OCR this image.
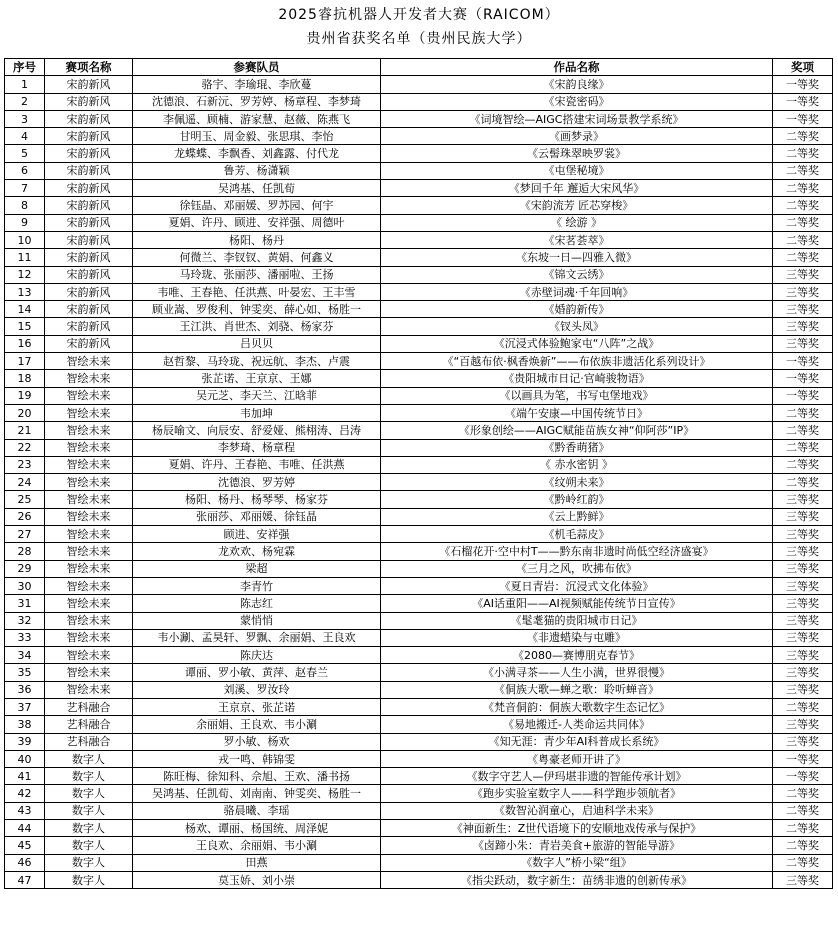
2025睿抗机器人开发者大赛（RAICOM）
贵州省获奖名单（贵州民族大学）
序号	赛项名称	参赛队员	作品名称	奖项
1	宋韵新风	骆宇、李瑜琨、李欣蔓	《宋韵良缘》	一等奖
2	宋韵新风	沈德浪、石新沅、罗芳婷、杨章程、李梦琦	《宋瓷密码》	一等奖
3	宋韵新风	李佩遥、顾楠、游家慧、赵薇、陈燕飞	《词境智绘—AIGC搭建宋词场景教学系统》	一等奖
4	宋韵新风	甘明玉、周金毅、张思琪、李怡	《画梦录》	二等奖
5	宋韵新风	龙蝶蝶、李飘香、刘鑫露、付代龙	《云髻珠翠映罗裳》	二等奖
6	宋韵新风	鲁芳、杨潇颖	《屯堡秘境》	二等奖
7	宋韵新风	吴鸿基、任凯荀	《梦回千年 邂逅大宋风华》	二等奖
8	宋韵新风	徐钰晶、邓丽媛、罗苏园、何宇	《宋韵流芳 匠芯穿梭》	二等奖
9	宋韵新风	夏娟、许丹、顾进、安祥强、周德叶	《 绘游 》	二等奖
10	宋韵新风	杨阳、杨丹	《宋茗荟萃》	二等奖
11	宋韵新风	何微兰、李钗钗、黄娟、何鑫义	《东坡一日—四雅入微》	二等奖
12	宋韵新风	马玲珑、张丽莎、潘丽啦、王扬	《锦文云绣》	三等奖
13	宋韵新风	韦唯、王春艳、任洪燕、叶晏宏、王丰雪	《赤壁词魂·千年回响》	三等奖
14	宋韵新风	顾业嵩、罗俊利、钟雯奕、薛心如、杨胜一	《婚韵新传》	三等奖
15	宋韵新风	王江洪、肖世杰、刘骁、杨家芬	《钗头凤》	三等奖
16	宋韵新风	吕贝贝	《沉浸式体验鲍家屯“八阵”之战》	三等奖
17	智绘未来	赵哲黎、马玲珑、祝远航、李杰、卢震	《“百越布依·枫香焕新”——布依族非遗活化系列设计》	一等奖
18	智绘未来	张芷诺、王京京、王娜	《贵阳城市日记·官崎骏物语》	一等奖
19	智绘未来	吴元芝、李天兰、江晗菲	《以画具为笔，书写屯堡地戏》	一等奖
20	智绘未来	韦加坤	《端午安康—中国传统节日》	二等奖
21	智绘未来	杨辰喻文、向辰安、舒爱娅、熊栩涛、吕涛	《形象创绘——AIGC赋能苗族女神“仰阿莎”IP》	二等奖
22	智绘未来	李梦琦、杨章程	《黔香萌猪》	二等奖
23	智绘未来	夏娟、许丹、王春艳、韦唯、任洪燕	《 赤水密钥 》	二等奖
24	智绘未来	沈德浪、罗芳婷	《纹朔未来》	二等奖
25	智绘未来	杨阳、杨丹、杨琴琴、杨家芬	《黔岭红韵》	三等奖
26	智绘未来	张丽莎、邓丽媛、徐钰晶	《云上黔鲜》	三等奖
27	智绘未来	顾进、安祥强	《机毛蒜皮》	三等奖
28	智绘未来	龙欢欢、杨宛霖	《石榴花开·空中村T——黔东南非遗时尚低空经济盛宴》	三等奖
29	智绘未来	梁超	《三月之风，吹拂布依》	三等奖
30	智绘未来	李青竹	《夏日青岩：沉浸式文化体验》	三等奖
31	智绘未来	陈志红	《AI话重阳——AI视频赋能传统节日宣传》	三等奖
32	智绘未来	蒙悄悄	《髦耄猫的贵阳城市日记》	三等奖
33	智绘未来	韦小涮、孟昊轩、罗飘、余丽娟、王良欢	《非遗蜡染与屯雕》	三等奖
34	智绘未来	陈庆达	《2080—赛博朋克春节》	三等奖
35	智绘未来	谭丽、罗小敏、黄萍、赵春兰	《小满寻茶——人生小满，世界很慢》	三等奖
36	智绘未来	刘溪、罗汝玲	《侗族大歌—蝉之歌：聆听蝉音》	三等奖
37	艺科融合	王京京、张芷诺	《梵音侗韵：侗族大歌数字生态记忆》	二等奖
38	艺科融合	余丽娟、王良欢、韦小涮	《易地搬迁-人类命运共同体》	三等奖
39	艺科融合	罗小敏、杨欢	《知无涯：青少年AI科普成长系统》	三等奖
40	数字人	戎一鸣、韩锦雯	《粤豪老师开讲了》	一等奖
41	数字人	陈旺梅、徐知科、佘旭、王欢、潘书扬	《数字守艺人—伊玛堪非遗的智能传承计划》	一等奖
42	数字人	吴鸿基、任凯荀、刘南南、钟雯奕、杨胜一	《跑步实验室数字人——科学跑步领航者》	二等奖
43	数字人	骆晨曦、李瑶	《数智沁润童心，启迪科学未来》	二等奖
44	数字人	杨欢、谭丽、杨国统、周泽妮	《神面新生：Z世代语境下的安顺地戏传承与保护》	二等奖
45	数字人	王良欢、余丽娟、韦小涮	《卤蹄小朱：青岩美食+旅游的智能导游》	二等奖
46	数字人	田燕	《数字人”桥小梁“组》	二等奖
47	数字人	莫玉娇、刘小崇	《指尖跃动，数字新生：苗绣非遗的创新传承》	三等奖
